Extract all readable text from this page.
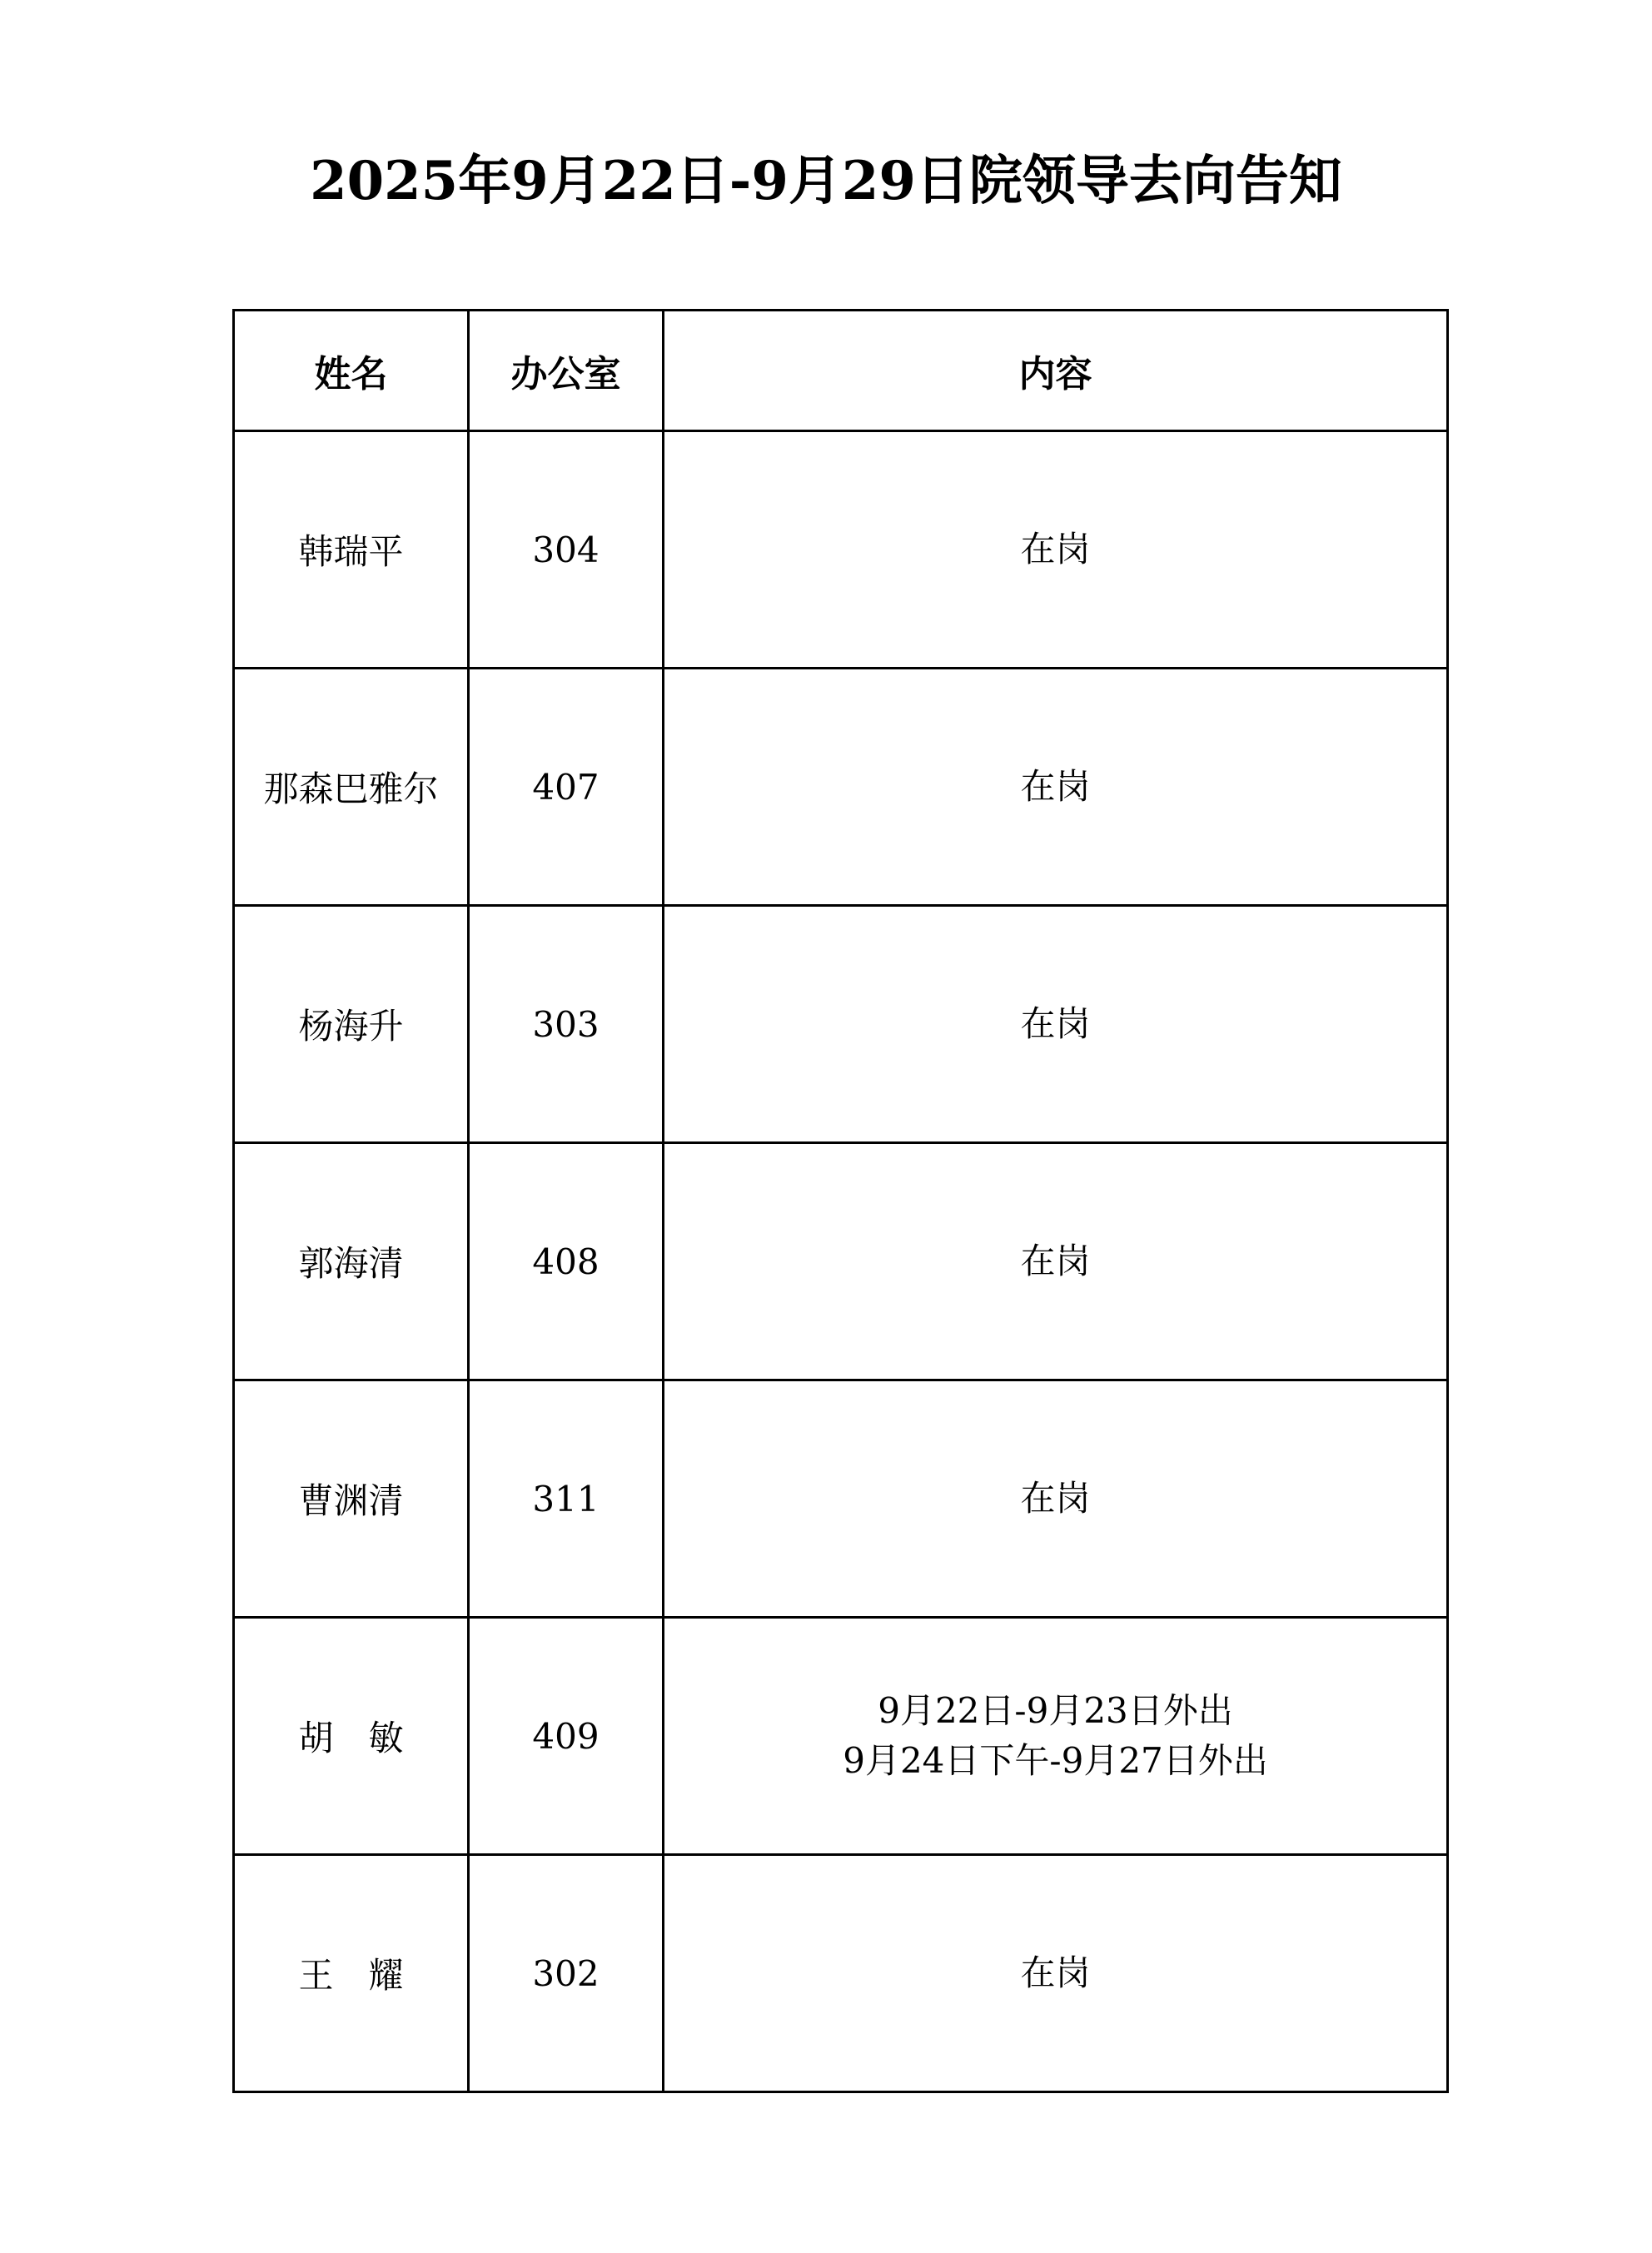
2025年9月22日-9月29日院领导去向告知
姓名	办公室	内容
韩瑞平	304	在岗

那森巴雅尔	407	在岗

杨海升	303	在岗

郭海清	408	在岗

曹渊清	311	在岗

胡　敏	409	9月22日-9月23日外出
9月24日下午-9月27日外出

王　耀	302	在岗
